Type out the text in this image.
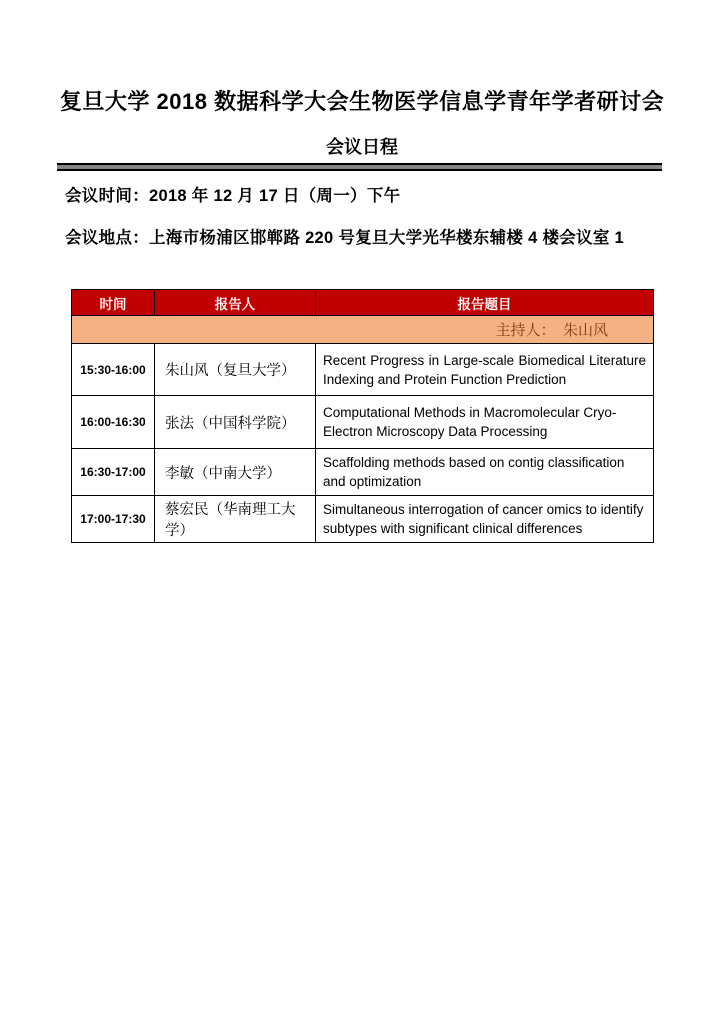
复旦大学 2018 数据科学大会生物医学信息学青年学者研讨会
会议日程

会议时间：2018 年 12 月 17 日（周一）下午

会议地点：上海市杨浦区邯郸路 220 号复旦大学光华楼东辅楼 4 楼会议室 1

时间	报告人	报告题目
主持人：　朱山风		
15:30-16:00	朱山风（复旦大学）	Recent Progress in Large-scale Biomedical Literature Indexing and Protein Function Prediction
16:00-16:30	张法（中国科学院）	Computational Methods in Macromolecular Cryo-Electron Microscopy Data Processing
16:30-17:00	李敏（中南大学）	Scaffolding methods based on contig classification and optimization
17:00-17:30	蔡宏民（华南理工大学）	Simultaneous interrogation of cancer omics to identify subtypes with significant clinical differences
